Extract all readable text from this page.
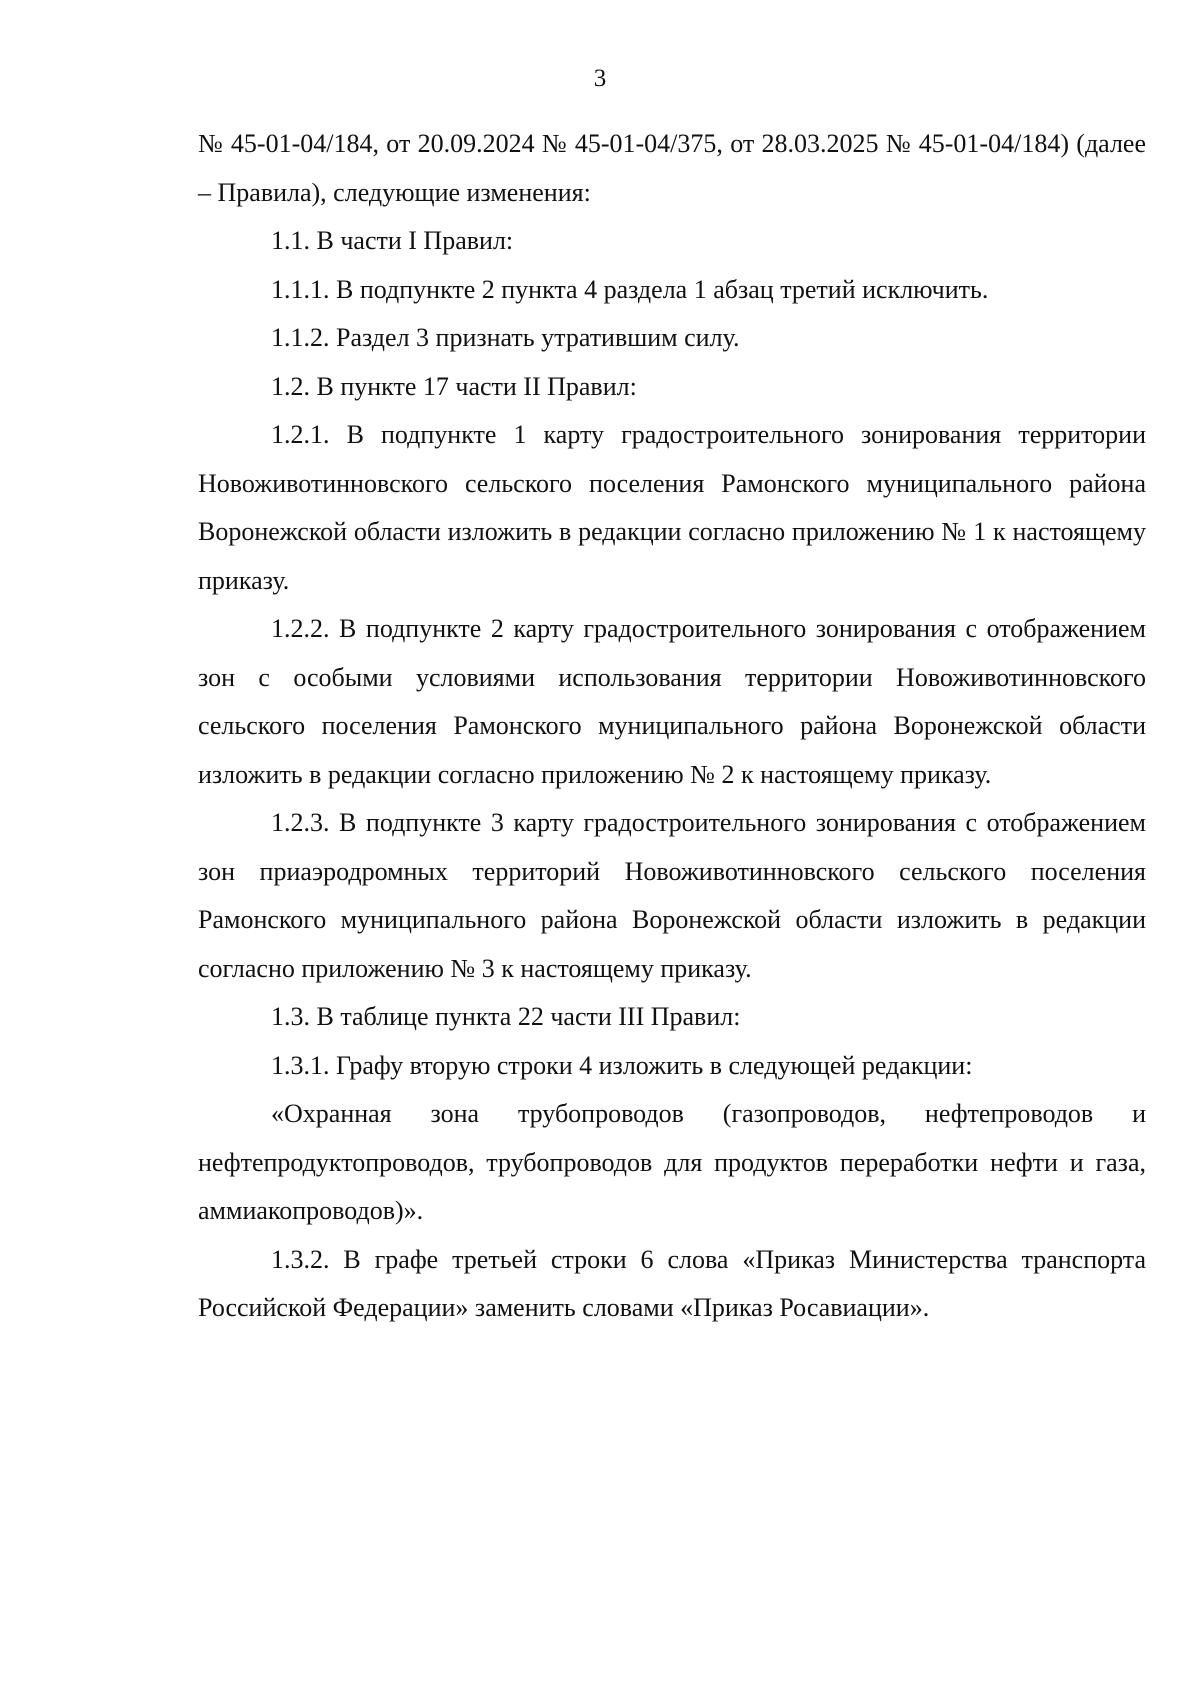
3

№ 45-01-04/184, от 20.09.2024 № 45-01-04/375, от 28.03.2025 № 45-01-04/184) (далее – Правила), следующие изменения:

1.1. В части I Правил:

1.1.1. В подпункте 2 пункта 4 раздела 1 абзац третий исключить.

1.1.2. Раздел 3 признать утратившим силу.

1.2. В пункте 17 части II Правил:

1.2.1. В подпункте 1 карту градостроительного зонирования территории Новоживотинновского сельского поселения Рамонского муниципального района Воронежской области изложить в редакции согласно приложению № 1 к настоящему приказу.

1.2.2. В подпункте 2 карту градостроительного зонирования с отображением зон с особыми условиями использования территории Новоживотинновского сельского поселения Рамонского муниципального района Воронежской области изложить в редакции согласно приложению № 2 к настоящему приказу.

1.2.3. В подпункте 3 карту градостроительного зонирования с отображением зон приаэродромных территорий Новоживотинновского сельского поселения Рамонского муниципального района Воронежской области изложить в редакции согласно приложению № 3 к настоящему приказу.

1.3. В таблице пункта 22 части III Правил:

1.3.1. Графу вторую строки 4 изложить в следующей редакции:

«Охранная зона трубопроводов (газопроводов, нефтепроводов и нефтепродуктопроводов, трубопроводов для продуктов переработки нефти и газа, аммиакопроводов)».

1.3.2. В графе третьей строки 6 слова «Приказ Министерства транспорта Российской Федерации» заменить словами «Приказ Росавиации».
